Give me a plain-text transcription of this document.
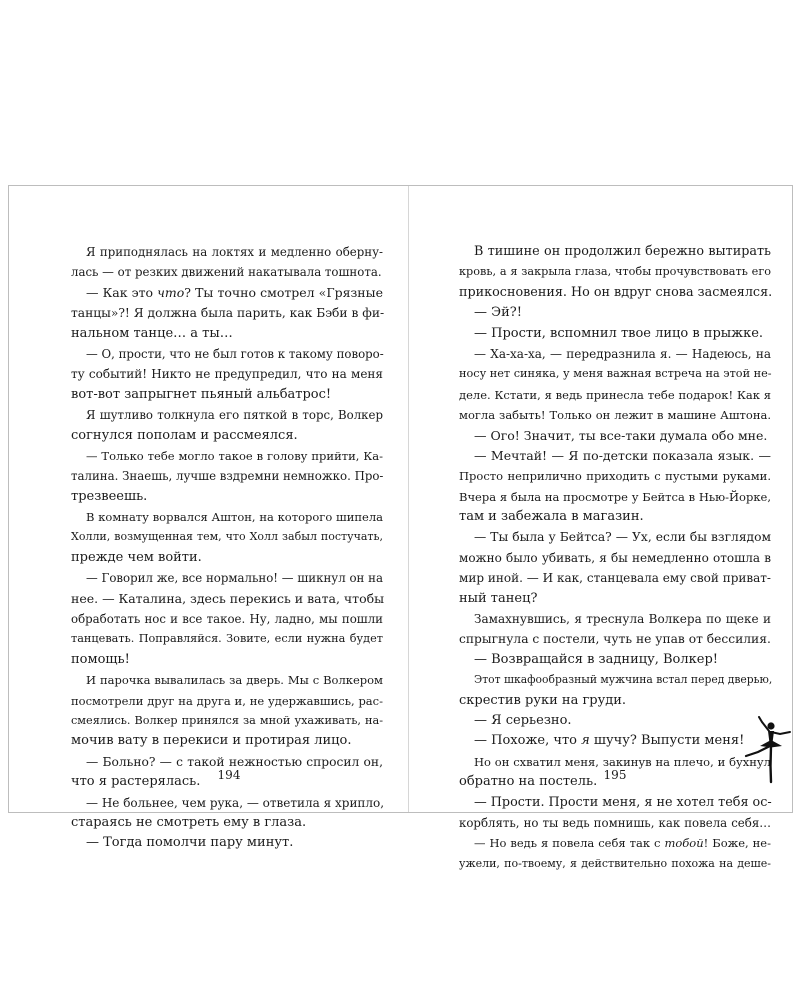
Я приподнялась на локтях и медленно оберну-
лась — от резких движений накатывала тошнота.
— Как это что? Ты точно смотрел «Грязные
танцы»?! Я должна была парить, как Бэби в фи-
нальном танце… а ты…
— О, прости, что не был готов к такому поворо-
ту событий! Никто не предупредил, что на меня
вот-вот запрыгнет пьяный альбатрос!
Я шутливо толкнула его пяткой в торс, Волкер
согнулся пополам и рассмеялся.
— Только тебе могло такое в голову прийти, Ка-
талина. Знаешь, лучше вздремни немножко. Про-
трезвеешь.
В комнату ворвался Аштон, на которого шипела
Холли, возмущенная тем, что Холл забыл постучать,
прежде чем войти.
— Говорил же, все нормально! — шикнул он на
нее. — Каталина, здесь перекись и вата, чтобы
обработать нос и все такое. Ну, ладно, мы пошли
танцевать. Поправляйся. Зовите, если нужна будет
помощь!
И парочка вывалилась за дверь. Мы с Волкером
посмотрели друг на друга и, не удержавшись, рас-
смеялись. Волкер принялся за мной ухаживать, на-
мочив вату в перекиси и протирая лицо.
— Больно? — с такой нежностью спросил он,
что я растерялась.
— Не больнее, чем рука, — ответила я хрипло,
стараясь не смотреть ему в глаза.
— Тогда помолчи пару минут.
В тишине он продолжил бережно вытирать
кровь, а я закрыла глаза, чтобы прочувствовать его
прикосновения. Но он вдруг снова засмеялся.
— Эй?!
— Прости, вспомнил твое лицо в прыжке.
— Ха-ха-ха, — передразнила я. — Надеюсь, на
носу нет синяка, у меня важная встреча на этой не-
деле. Кстати, я ведь принесла тебе подарок! Как я
могла забыть! Только он лежит в машине Аштона.
— Ого! Значит, ты все-таки думала обо мне.
— Мечтай! — Я по-детски показала язык. —
Просто неприлично приходить с пустыми руками.
Вчера я была на просмотре у Бейтса в Нью-Йорке,
там и забежала в магазин.
— Ты была у Бейтса? — Ух, если бы взглядом
можно было убивать, я бы немедленно отошла в
мир иной. — И как, станцевала ему свой приват-
ный танец?
Замахнувшись, я треснула Волкера по щеке и
спрыгнула с постели, чуть не упав от бессилия.
— Возвращайся в задницу, Волкер!
Этот шкафообразный мужчина встал перед дверью,
скрестив руки на груди.
— Я серьезно.
— Похоже, что я шучу? Выпусти меня!
Но он схватил меня, закинув на плечо, и бухнул
обратно на постель.
— Прости. Прости меня, я не хотел тебя ос-
корблять, но ты ведь помнишь, как повела себя…
— Но ведь я повела себя так с тобой! Боже, не-
ужели, по-твоему, я действительно похожа на деше-
194	195
